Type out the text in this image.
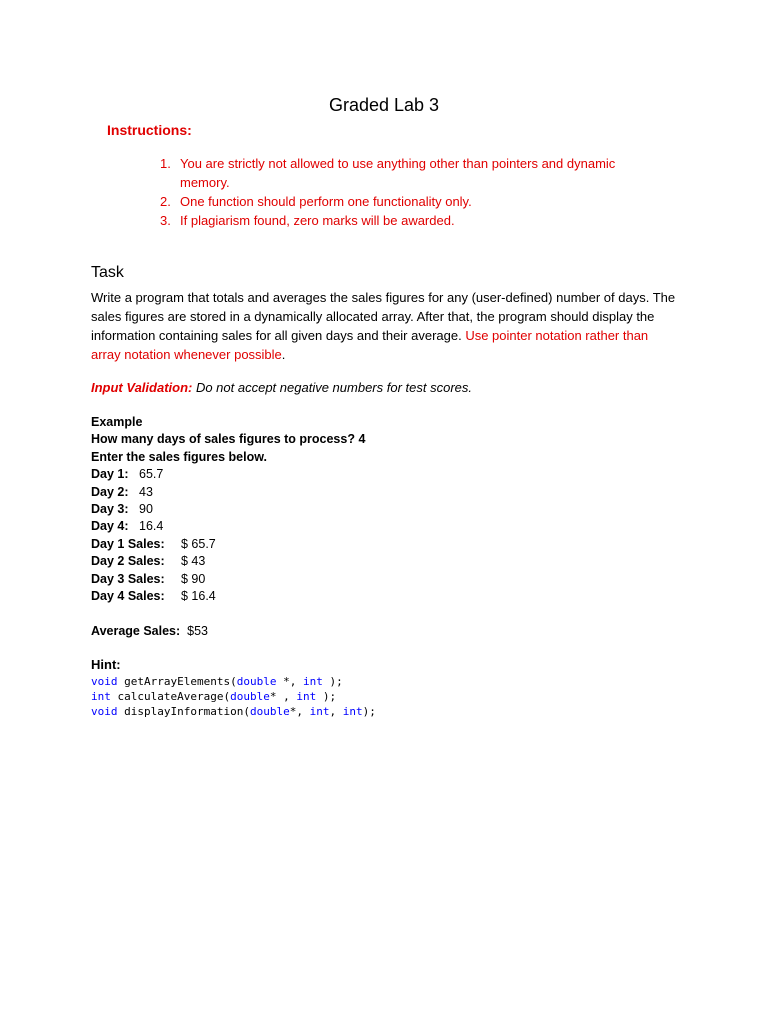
Graded Lab 3
Instructions:
1. You are strictly not allowed to use anything other than pointers and dynamic memory.
2. One function should perform one functionality only.
3. If plagiarism found, zero marks will be awarded.
Task

Write a program that totals and averages the sales figures for any (user-defined) number of days. The sales figures are stored in a dynamically allocated array. After that, the program should display the information containing sales for all given days and their average. Use pointer notation rather than array notation whenever possible.

Input Validation: Do not accept negative numbers for test scores.

Example
How many days of sales figures to process? 4
Enter the sales figures below.
Day 1: 65.7
Day 2: 43
Day 3: 90
Day 4: 16.4
Day 1 Sales: $ 65.7
Day 2 Sales: $ 43
Day 3 Sales: $ 90
Day 4 Sales: $ 16.4
Average Sales: $53
Hint:
void getArrayElements(double *, int );
int calculateAverage(double* , int );
void displayInformation(double*, int, int);
